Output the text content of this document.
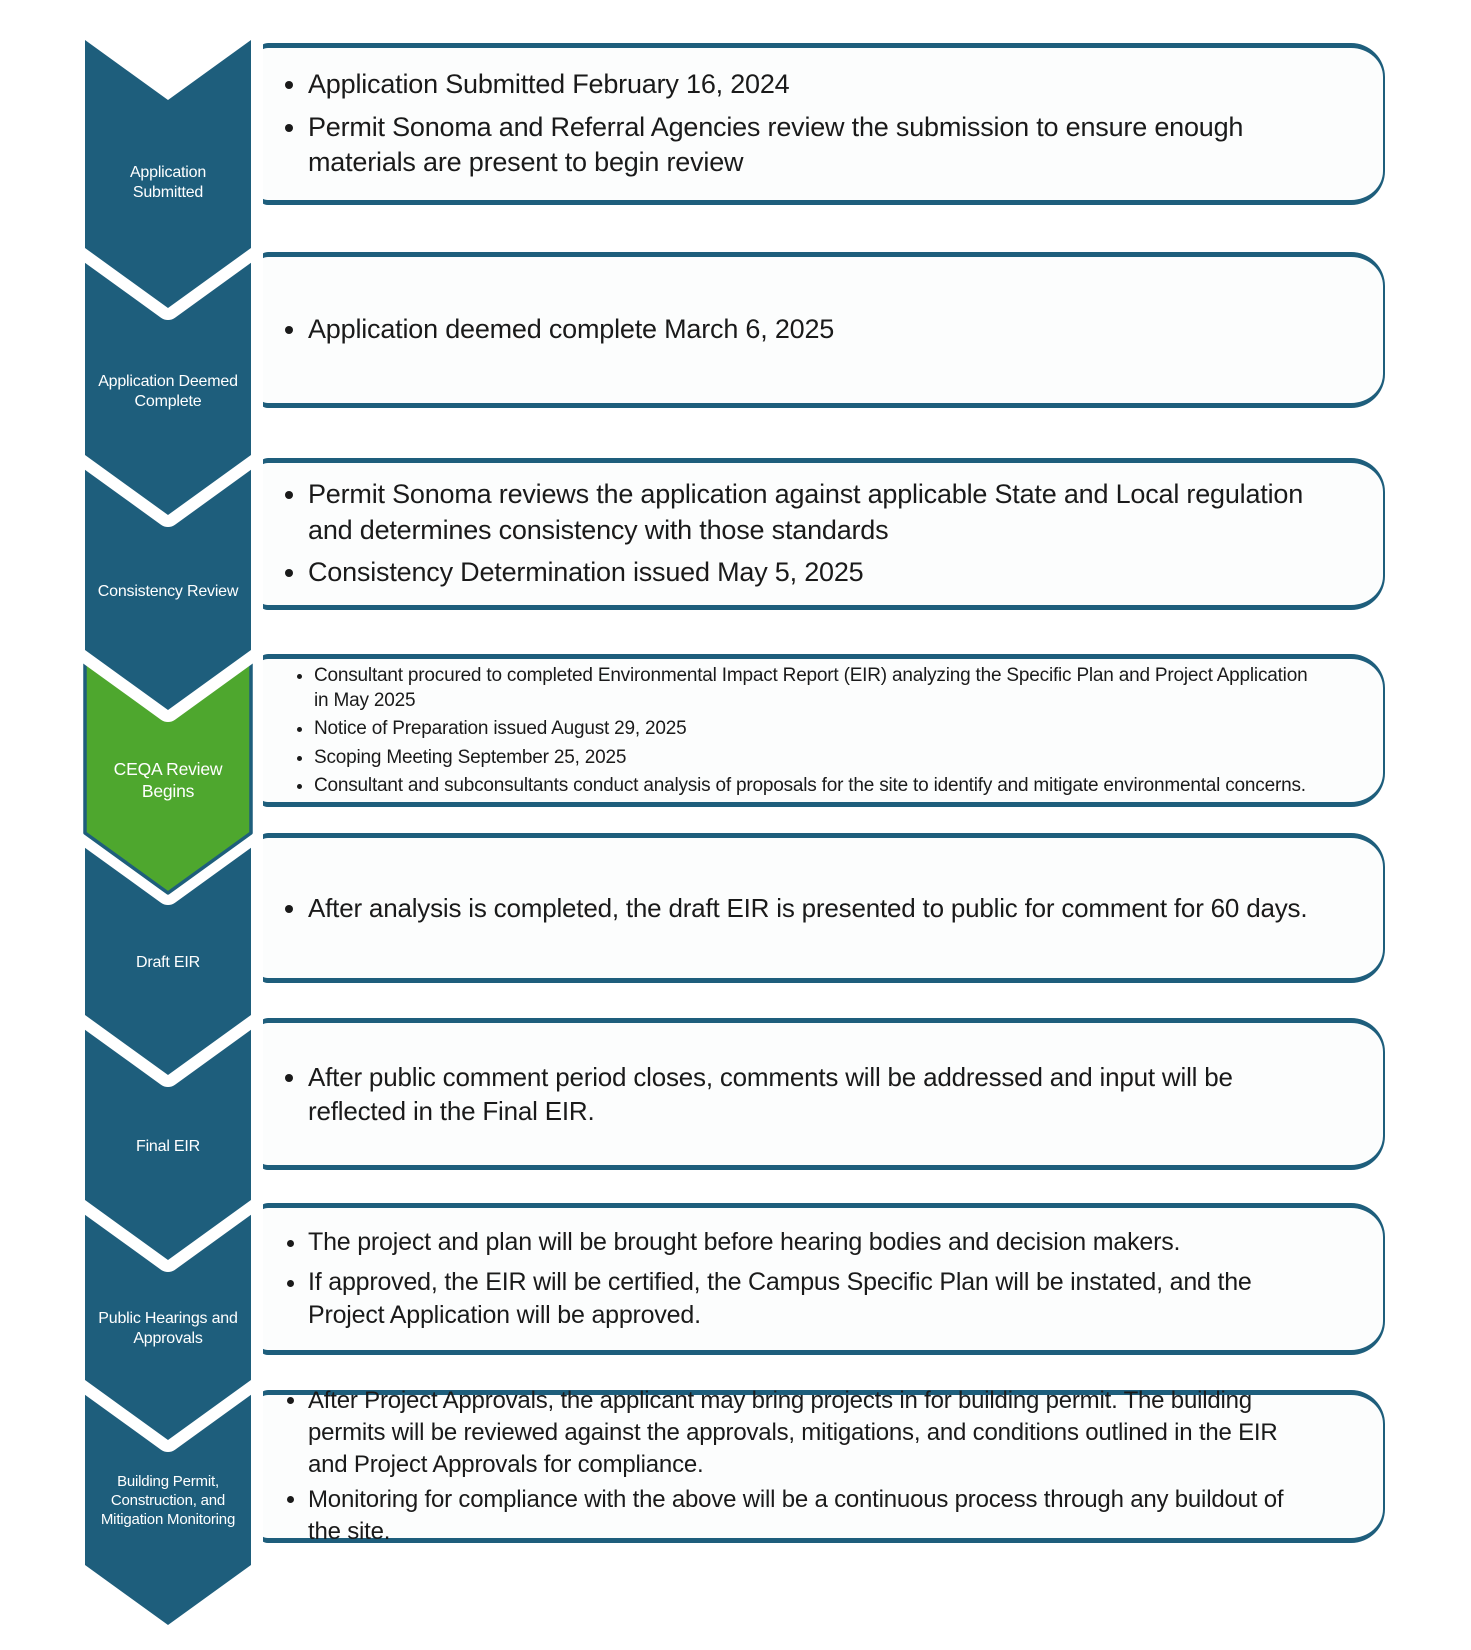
Application Submitted
Application Deemed Complete
Consistency Review
CEQA Review Begins
Draft EIR
Final EIR
Public Hearings and Approvals
Building Permit, Construction, and Mitigation Monitoring
• Application Submitted February 16, 2024
• Permit Sonoma and Referral Agencies review the submission to ensure enough materials are present to begin review
• Application deemed complete March 6, 2025
• Permit Sonoma reviews the application against applicable State and Local regulation and determines consistency with those standards
• Consistency Determination issued May 5, 2025
• Consultant procured to completed Environmental Impact Report (EIR) analyzing the Specific Plan and Project Application in May 2025
• Notice of Preparation issued August 29, 2025
• Scoping Meeting September 25, 2025
• Consultant and subconsultants conduct analysis of proposals for the site to identify and mitigate environmental concerns.
• After analysis is completed, the draft EIR is presented to public for comment for 60 days.
• After public comment period closes, comments will be addressed and input will be reflected in the Final EIR.
• The project and plan will be brought before hearing bodies and decision makers.
• If approved, the EIR will be certified, the Campus Specific Plan will be instated, and the Project Application will be approved.
• After Project Approvals, the applicant may bring projects in for building permit. The building permits will be reviewed against the approvals, mitigations, and conditions outlined in the EIR and Project Approvals for compliance.
• Monitoring for compliance with the above will be a continuous process through any buildout of the site.
